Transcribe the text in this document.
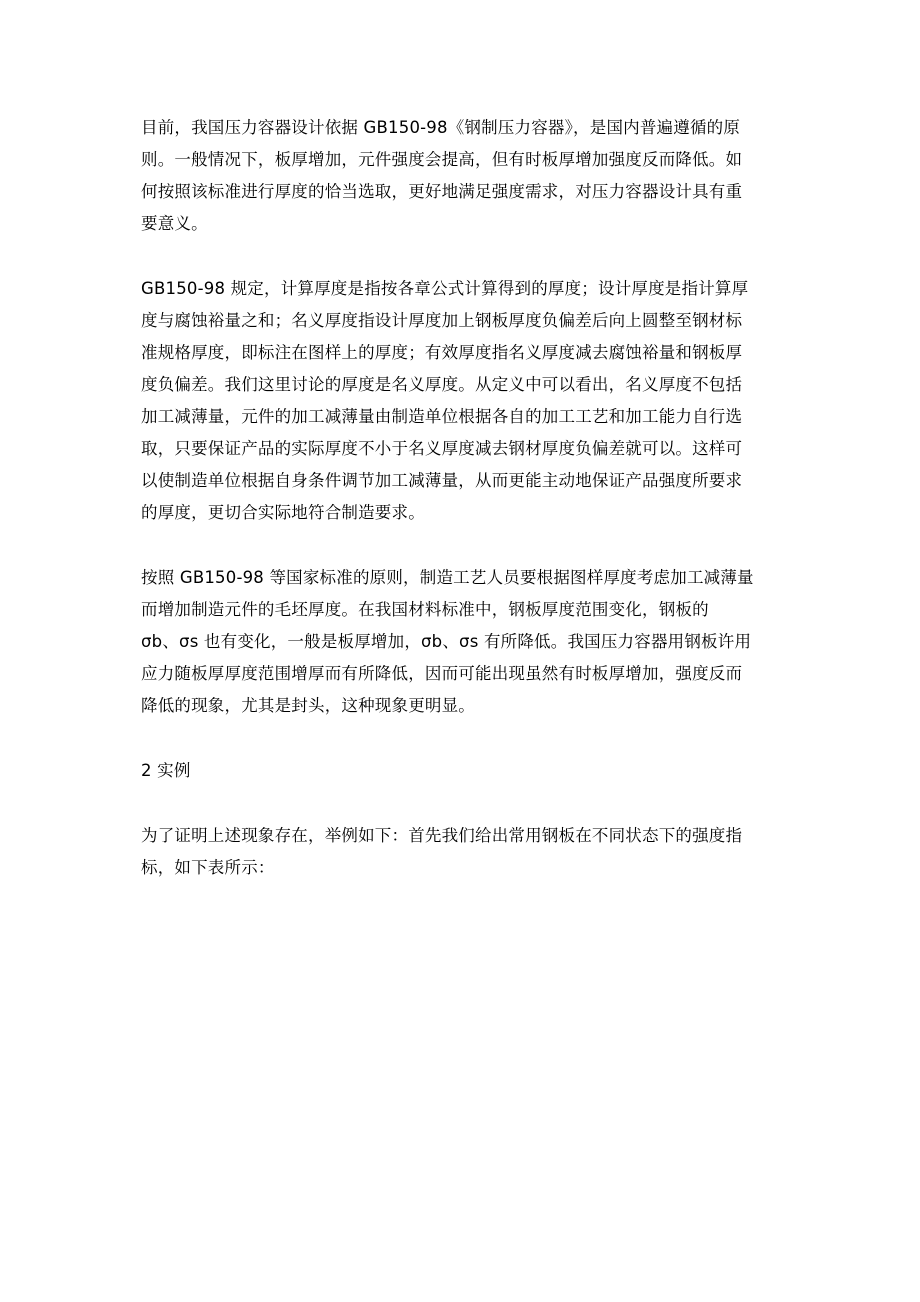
目前，我国压力容器设计依据 GB150-98《钢制压力容器》，是国内普遍遵循的原
则。一般情况下，板厚增加，元件强度会提高，但有时板厚增加强度反而降低。如
何按照该标准进行厚度的恰当选取，更好地满足强度需求，对压力容器设计具有重
要意义。

GB150-98 规定，计算厚度是指按各章公式计算得到的厚度；设计厚度是指计算厚
度与腐蚀裕量之和；名义厚度指设计厚度加上钢板厚度负偏差后向上圆整至钢材标
准规格厚度，即标注在图样上的厚度；有效厚度指名义厚度减去腐蚀裕量和钢板厚
度负偏差。我们这里讨论的厚度是名义厚度。从定义中可以看出，名义厚度不包括
加工减薄量，元件的加工减薄量由制造单位根据各自的加工工艺和加工能力自行选
取，只要保证产品的实际厚度不小于名义厚度减去钢材厚度负偏差就可以。这样可
以使制造单位根据自身条件调节加工减薄量，从而更能主动地保证产品强度所要求
的厚度，更切合实际地符合制造要求。

按照 GB150-98 等国家标准的原则，制造工艺人员要根据图样厚度考虑加工减薄量
而增加制造元件的毛坯厚度。在我国材料标准中，钢板厚度范围变化，钢板的
σb、σs 也有变化，一般是板厚增加，σb、σs 有所降低。我国压力容器用钢板许用
应力随板厚厚度范围增厚而有所降低，因而可能出现虽然有时板厚增加，强度反而
降低的现象，尤其是封头，这种现象更明显。

2 实例

为了证明上述现象存在，举例如下：首先我们给出常用钢板在不同状态下的强度指
标，如下表所示：
